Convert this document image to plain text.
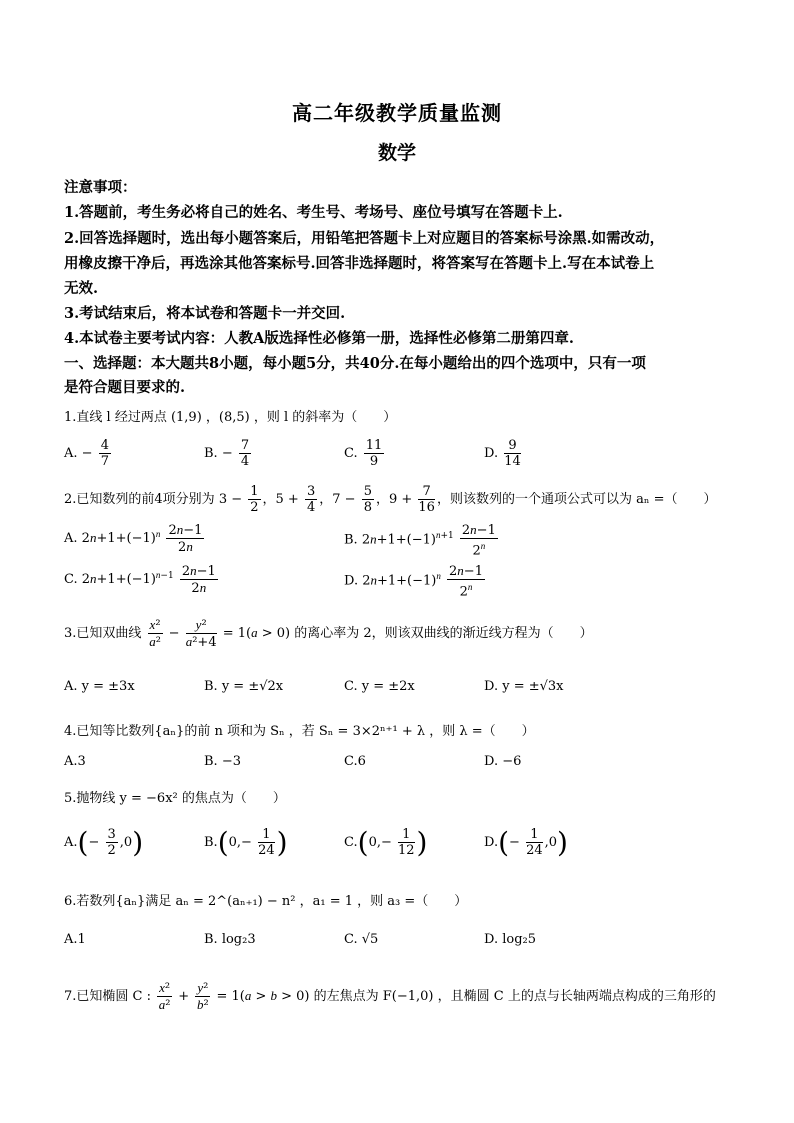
高二年级教学质量监测
数学
注意事项：
1.答题前，考生务必将自己的姓名、考生号、考场号、座位号填写在答题卡上.
2.回答选择题时，选出每小题答案后，用铅笔把答题卡上对应题目的答案标号涂黑.如需改动，
用橡皮擦干净后，再选涂其他答案标号.回答非选择题时，将答案写在答题卡上.写在本试卷上
无效.
3.考试结束后，将本试卷和答题卡一并交回.
4.本试卷主要考试内容：人教A版选择性必修第一册，选择性必修第二册第四章.
一、选择题：本大题共8小题，每小题5分，共40分.在每小题给出的四个选项中，只有一项
是符合题目要求的.
1.直线 l 经过两点 (1,9) ，(8,5) ，则 l 的斜率为（　　）
A. − $\frac{4}{7}$	B. − $\frac{7}{4}$	C. $\frac{11}{9}$	D. $\frac{9}{14}$
2.已知数列的前4项分别为 $3 - \frac{1}{2}$ ，$5 + \frac{3}{4}$ ，$7 - \frac{5}{8}$ ，$9 + \frac{7}{16}$ ，则该数列的一个通项公式可以为 aₙ =（　　）
A. $2n+1+(-1)^n \frac{2n-1}{2n}$	B. $2n+1+(-1)^{n+1} \frac{2n-1}{2^n}$
C. $2n+1+(-1)^{n-1} \frac{2n-1}{2n}$	D. $2n+1+(-1)^n \frac{2n-1}{2^n}$
3.已知双曲线 $\frac{\text{x²}}{\text{a²}} - \frac{\text{y²}}{\text{a²+4}} = 1(a > 0)$ 的离心率为 2，则该双曲线的渐近线方程为（　　）
A. y = ±3x	B. y = ±√2x	C. y = ±2x	D. y = ±√3x
4.已知等比数列{aₙ}的前 n 项和为 Sₙ ，若 Sₙ = 3×2ⁿ⁺¹ + λ ，则 λ =（　　）
A.3	B. −3	C.6	D. −6
5.抛物线 y = −6x² 的焦点为（　　）
$A.(- \frac{3}{2} ,0)$	$B.(0,- \frac{1}{24}$ )	$C.(0,- \frac{1}{12}$ )	$D.(- \frac{1}{24} ,0)$
6.若数列{aₙ}满足 aₙ = 2^(aₙ₊₁) − n² ，a₁ = 1 ，则 a₃ =（　　）
A.1	B. log₂3	C. √5	D. log₂5
7.已知椭圆 C : $\frac{\text{x²}}{\text{a²}} + \frac{\text{y²}}{\text{b²}} = 1(a > b > 0)$ 的左焦点为 F(−1,0) ，且椭圆 C 上的点与长轴两端点构成的三角形的
